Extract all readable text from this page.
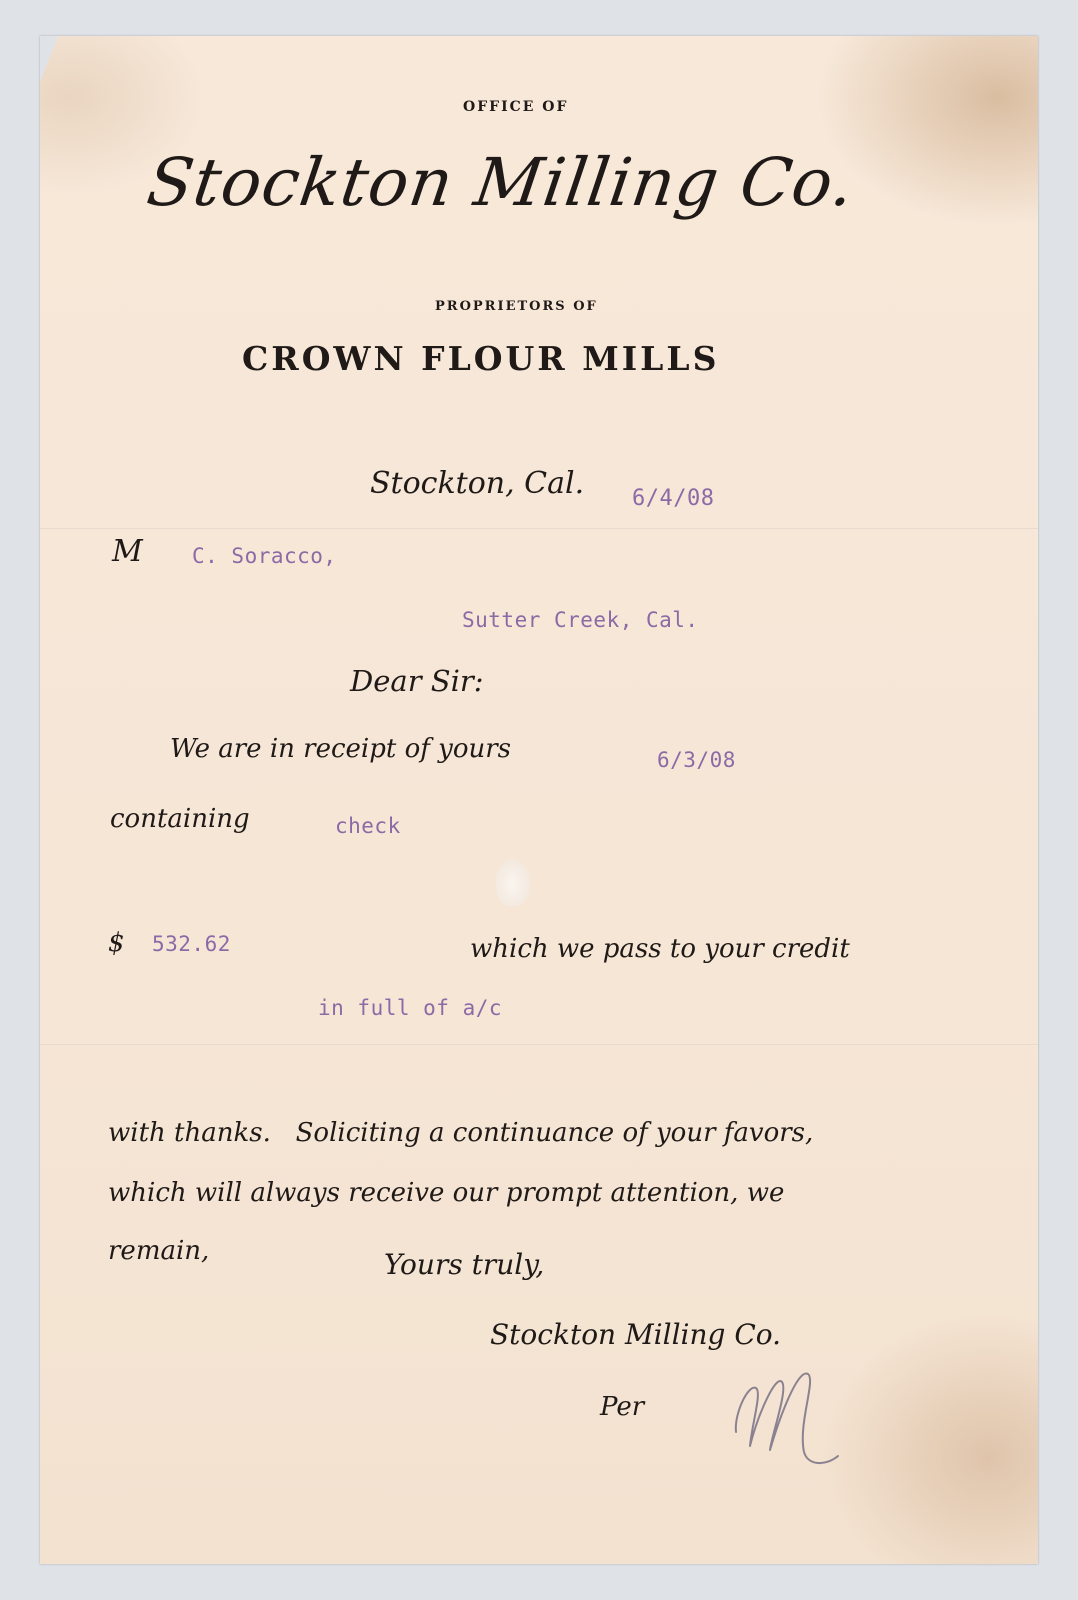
OFFICE OF
Stockton Milling Co.
PROPRIETORS OF
CROWN FLOUR MILLS
Stockton, Cal. 6/4/08
M C. Soracco,
Sutter Creek, Cal.
Dear Sir:
We are in receipt of yours	6/3/08
containing	check
$ 532.62	which we pass to your credit
in full of a/c
with thanks.   Soliciting a continuance of your favors,
which will always receive our prompt attention, we
remain,	Yours truly,
Stockton Milling Co.
Per
